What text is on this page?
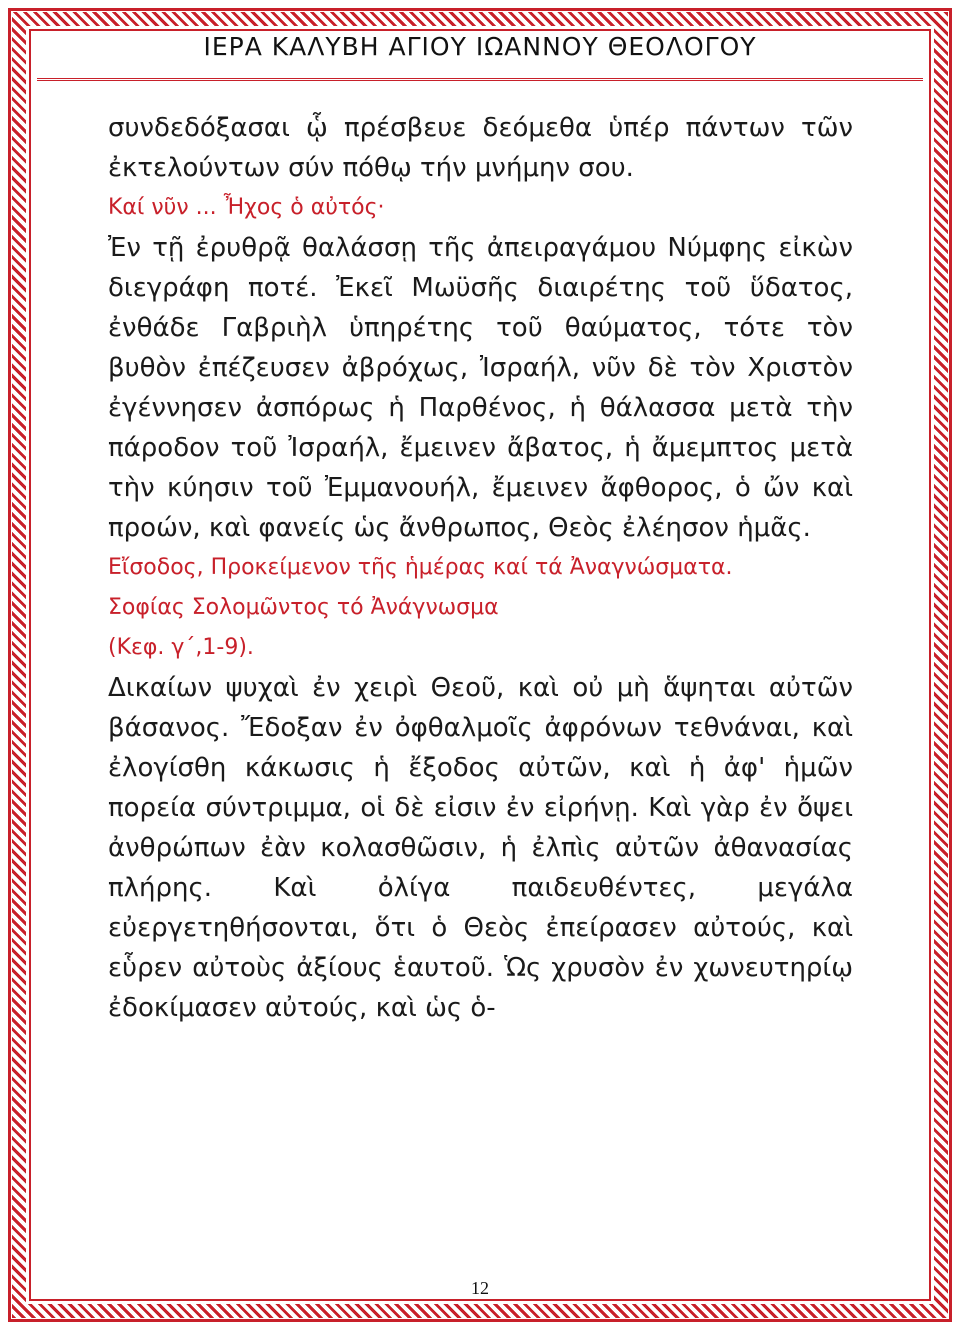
ΙΕΡΑ ΚΑΛΥΒΗ ΑΓΙΟΥ ΙΩΑΝΝΟΥ ΘΕΟΛΟΓΟΥ

συνδεδόξασαι ᾧ πρέσβευε δεόμεθα ὑπέρ πάντων τῶν ἐκτελούντων σύν πόθῳ τήν μνήμην σου.

Καί νῦν ... Ἦχος ὁ αὐτός·

Ἐν τῇ ἐρυθρᾷ θαλάσσῃ τῆς ἀπειραγάμου Νύμφης εἰκὼν διεγράφη ποτέ. Ἐκεῖ Μωϋσῆς διαιρέτης τοῦ ὕδατος, ἐνθάδε Γαβριὴλ ὑπηρέτης τοῦ θαύματος, τότε τὸν βυθὸν ἐπέζευσεν ἀβρόχως, Ἰσραήλ, νῦν δὲ τὸν Χριστὸν ἐγέννησεν ἀσπόρως ἡ Παρθένος, ἡ θάλασσα μετὰ τὴν πάροδον τοῦ Ἰσραήλ, ἔμεινεν ἄβατος, ἡ ἄμεμπτος μετὰ τὴν κύησιν τοῦ Ἐμμανουήλ, ἔμεινεν ἄφθορος, ὁ ὤν καὶ προών, καὶ φανείς ὡς ἄνθρωπος, Θεὸς ἐλέησον ἡμᾶς.

Εἴσοδος, Προκείμενον τῆς ἡμέρας καί τά Ἀναγνώσματα.

Σοφίας Σολομῶντος τό Ἀνάγνωσμα

(Κεφ. γ΄,1-9).

Δικαίων ψυχαὶ ἐν χειρὶ Θεοῦ, καὶ οὐ μὴ ἅψηται αὐτῶν βάσανος. Ἔδοξαν ἐν ὀφθαλμοῖς ἀφρόνων τεθνάναι, καὶ ἐλογίσθη κάκωσις ἡ ἔξοδος αὐτῶν, καὶ ἡ ἀφ' ἡμῶν πορεία σύντριμμα, οἱ δὲ εἰσιν ἐν εἰρήνῃ. Καὶ γὰρ ἐν ὄψει ἀνθρώπων ἐὰν κολασθῶσιν, ἡ ἐλπὶς αὐτῶν ἀθανασίας πλήρης. Καὶ ὀλίγα παιδευθέντες, μεγάλα εὐεργετηθήσονται, ὅτι ὁ Θεὸς ἐπείρασεν αὐτούς, καὶ εὗρεν αὐτοὺς ἀξίους ἑαυτοῦ. Ὡς χρυσὸν ἐν χωνευτηρίῳ ἐδοκίμασεν αὐτούς, καὶ ὡς ὁ-

12
